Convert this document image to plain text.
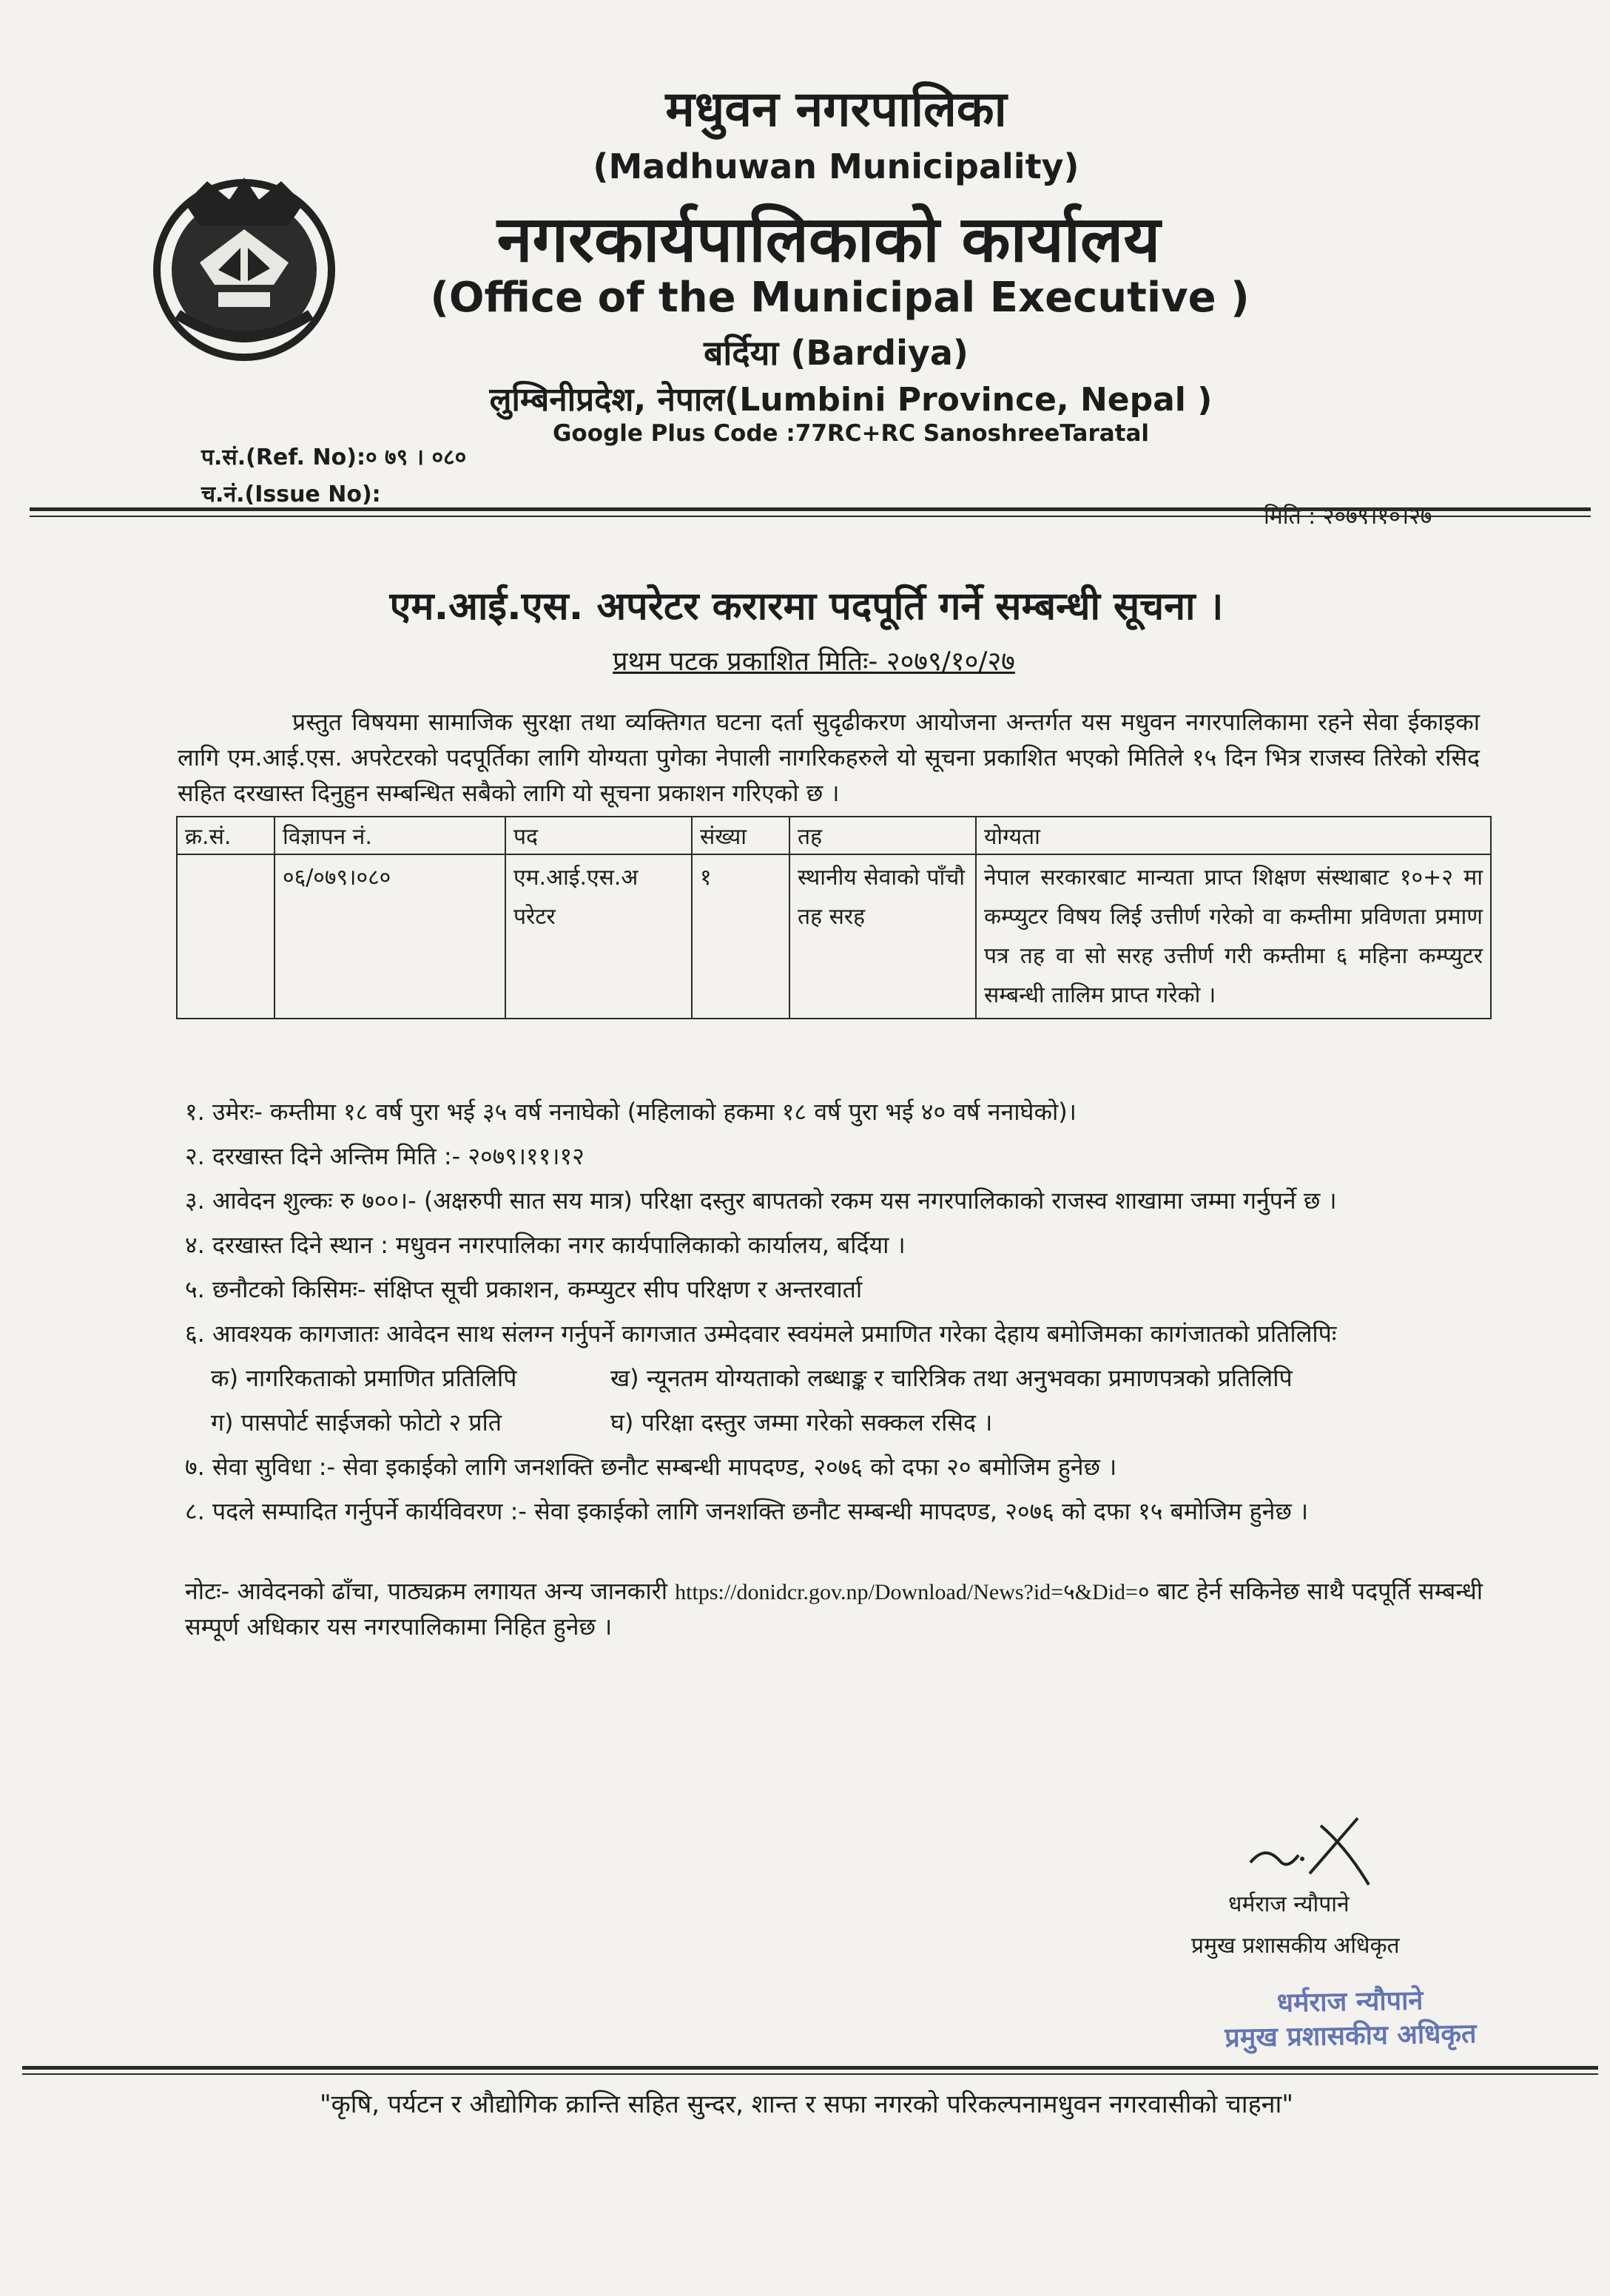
मधुवन नगरपालिका
(Madhuwan Municipality)
नगरकार्यपालिकाको कार्यालय
(Office of the Municipal Executive )
बर्दिया (Bardiya)
लुम्बिनीप्रदेश, नेपाल(Lumbini Province, Nepal )
Google Plus Code :77RC+RC SanoshreeTaratal
प.सं.(Ref. No):० ७९ । ०८०
च.नं.(Issue No):
मिति : २०७९।१०।२७
एम.आई.एस. अपरेटर करारमा पदपूर्ति गर्ने सम्बन्धी सूचना ।
प्रथम पटक प्रकाशित मितिः- २०७९/१०/२७
प्रस्तुत विषयमा सामाजिक सुरक्षा तथा व्यक्तिगत घटना दर्ता सुदृढीकरण आयोजना अन्तर्गत यस मधुवन नगरपालिकामा रहने सेवा ईकाइका लागि एम.आई.एस. अपरेटरको पदपूर्तिका लागि योग्यता पुगेका नेपाली नागरिकहरुले यो सूचना प्रकाशित भएको मितिले १५ दिन भित्र राजस्व तिरेको रसिद सहित दरखास्त दिनुहुन सम्बन्धित सबैको लागि यो सूचना प्रकाशन गरिएको छ ।
क्र.सं.	विज्ञापन नं.	पद	संख्या	तह	योग्यता
	०६/०७९।०८०	एम.आई.एस.अ परेटर	१	स्थानीय सेवाको पाँचौ तह सरह	नेपाल सरकारबाट मान्यता प्राप्त शिक्षण संस्थाबाट १०+२ मा कम्प्युटर विषय लिई उत्तीर्ण गरेको वा कम्तीमा प्रविणता प्रमाण पत्र तह वा सो सरह उत्तीर्ण गरी कम्तीमा ६ महिना कम्प्युटर सम्बन्धी तालिम प्राप्त गरेको ।
१. उमेरः- कम्तीमा १८ वर्ष पुरा भई ३५ वर्ष ननाघेको (महिलाको हकमा १८ वर्ष पुरा भई ४० वर्ष ननाघेको)।
२. दरखास्त दिने अन्तिम मिति :- २०७९।११।१२
३. आवेदन शुल्कः रु ७००।- (अक्षरुपी सात सय मात्र) परिक्षा दस्तुर बापतको रकम यस नगरपालिकाको राजस्व शाखामा जम्मा गर्नुपर्ने छ ।
४. दरखास्त दिने स्थान : मधुवन नगरपालिका नगर कार्यपालिकाको कार्यालय, बर्दिया ।
५. छनौटको किसिमः- संक्षिप्त सूची प्रकाशन, कम्प्युटर सीप परिक्षण र अन्तरवार्ता
६. आवश्यक कागजातः आवेदन साथ संलग्न गर्नुपर्ने कागजात उम्मेदवार स्वयंमले प्रमाणित गरेका देहाय बमोजिमका कागंजातको प्रतिलिपिः
क) नागरिकताको प्रमाणित प्रतिलिपि	ख) न्यूनतम योग्यताको लब्धाङ्क र चारित्रिक तथा अनुभवका प्रमाणपत्रको प्रतिलिपि
ग) पासपोर्ट साईजको फोटो २ प्रति	घ) परिक्षा दस्तुर जम्मा गरेको सक्कल रसिद ।
७. सेवा सुविधा :- सेवा इकाईको लागि जनशक्ति छनौट सम्बन्धी मापदण्ड, २०७६ को दफा २० बमोजिम हुनेछ ।
८. पदले सम्पादित गर्नुपर्ने कार्यविवरण :- सेवा इकाईको लागि जनशक्ति छनौट सम्बन्धी मापदण्ड, २०७६ को दफा १५ बमोजिम हुनेछ ।
नोटः- आवेदनको ढाँचा, पाठ्यक्रम लगायत अन्य जानकारी https://donidcr.gov.np/Download/News?id=५&Did=० बाट हेर्न सकिनेछ साथै पदपूर्ति सम्बन्धी सम्पूर्ण अधिकार यस नगरपालिकामा निहित हुनेछ ।
धर्मराज न्यौपाने
प्रमुख प्रशासकीय अधिकृत
धर्मराज न्यौपाने
प्रमुख प्रशासकीय अधिकृत
"कृषि, पर्यटन र औद्योगिक क्रान्ति सहित सुन्दर, शान्त र सफा नगरको परिकल्पनामधुवन नगरवासीको चाहना"
